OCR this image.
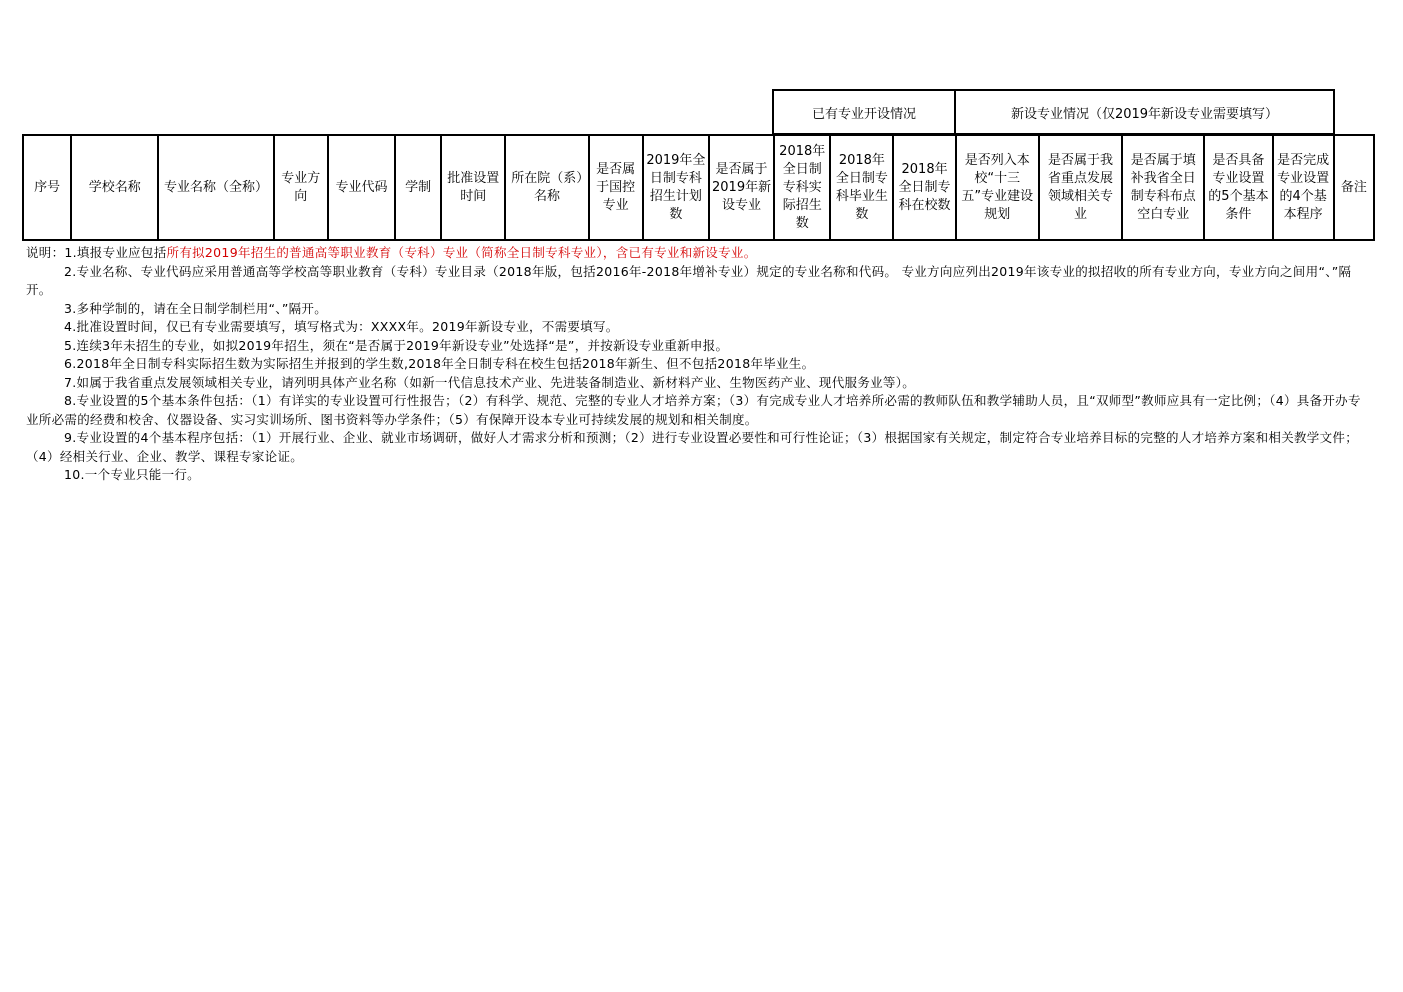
已有专业开设情况	新设专业情况（仅2019年新设专业需要填写）
序号	学校名称	专业名称（全称）	专业方向	专业代码	学制	批准设置时间	所在院（系）名称	是否属于国控专业	2019年全日制专科招生计划数	是否属于2019年新设专业	2018年全日制专科实际招生数	2018年全日制专科毕业生数	2018年全日制专科在校数	是否列入本校“十三五”专业建设规划	是否属于我省重点发展领域相关专业	是否属于填补我省全日制专科布点空白专业	是否具备专业设置的5个基本条件	是否完成专业设置的4个基本程序	备注

说明：1.填报专业应包括所有拟2019年招生的普通高等职业教育（专科）专业（简称全日制专科专业），含已有专业和新设专业。

2.专业名称、专业代码应采用普通高等学校高等职业教育（专科）专业目录（2018年版，包括2016年-2018年增补专业）规定的专业名称和代码。 专业方向应列出2019年该专业的拟招收的所有专业方向，专业方向之间用“、”隔开。

3.多种学制的，请在全日制学制栏用“、”隔开。

4.批准设置时间，仅已有专业需要填写，填写格式为：XXXX年。2019年新设专业，不需要填写。

5.连续3年未招生的专业，如拟2019年招生，须在“是否属于2019年新设专业”处选择“是”，并按新设专业重新申报。

6.2018年全日制专科实际招生数为实际招生并报到的学生数,2018年全日制专科在校生包括2018年新生、但不包括2018年毕业生。

7.如属于我省重点发展领域相关专业，请列明具体产业名称（如新一代信息技术产业、先进装备制造业、新材料产业、生物医药产业、现代服务业等）。

8.专业设置的5个基本条件包括：（1）有详实的专业设置可行性报告；（2）有科学、规范、完整的专业人才培养方案；（3）有完成专业人才培养所必需的教师队伍和教学辅助人员，且“双师型”教师应具有一定比例；（4）具备开办专业所必需的经费和校舍、仪器设备、实习实训场所、图书资料等办学条件；（5）有保障开设本专业可持续发展的规划和相关制度。

9.专业设置的4个基本程序包括：（1）开展行业、企业、就业市场调研，做好人才需求分析和预测；（2）进行专业设置必要性和可行性论证；（3）根据国家有关规定，制定符合专业培养目标的完整的人才培养方案和相关教学文件；（4）经相关行业、企业、教学、课程专家论证。

10.一个专业只能一行。
